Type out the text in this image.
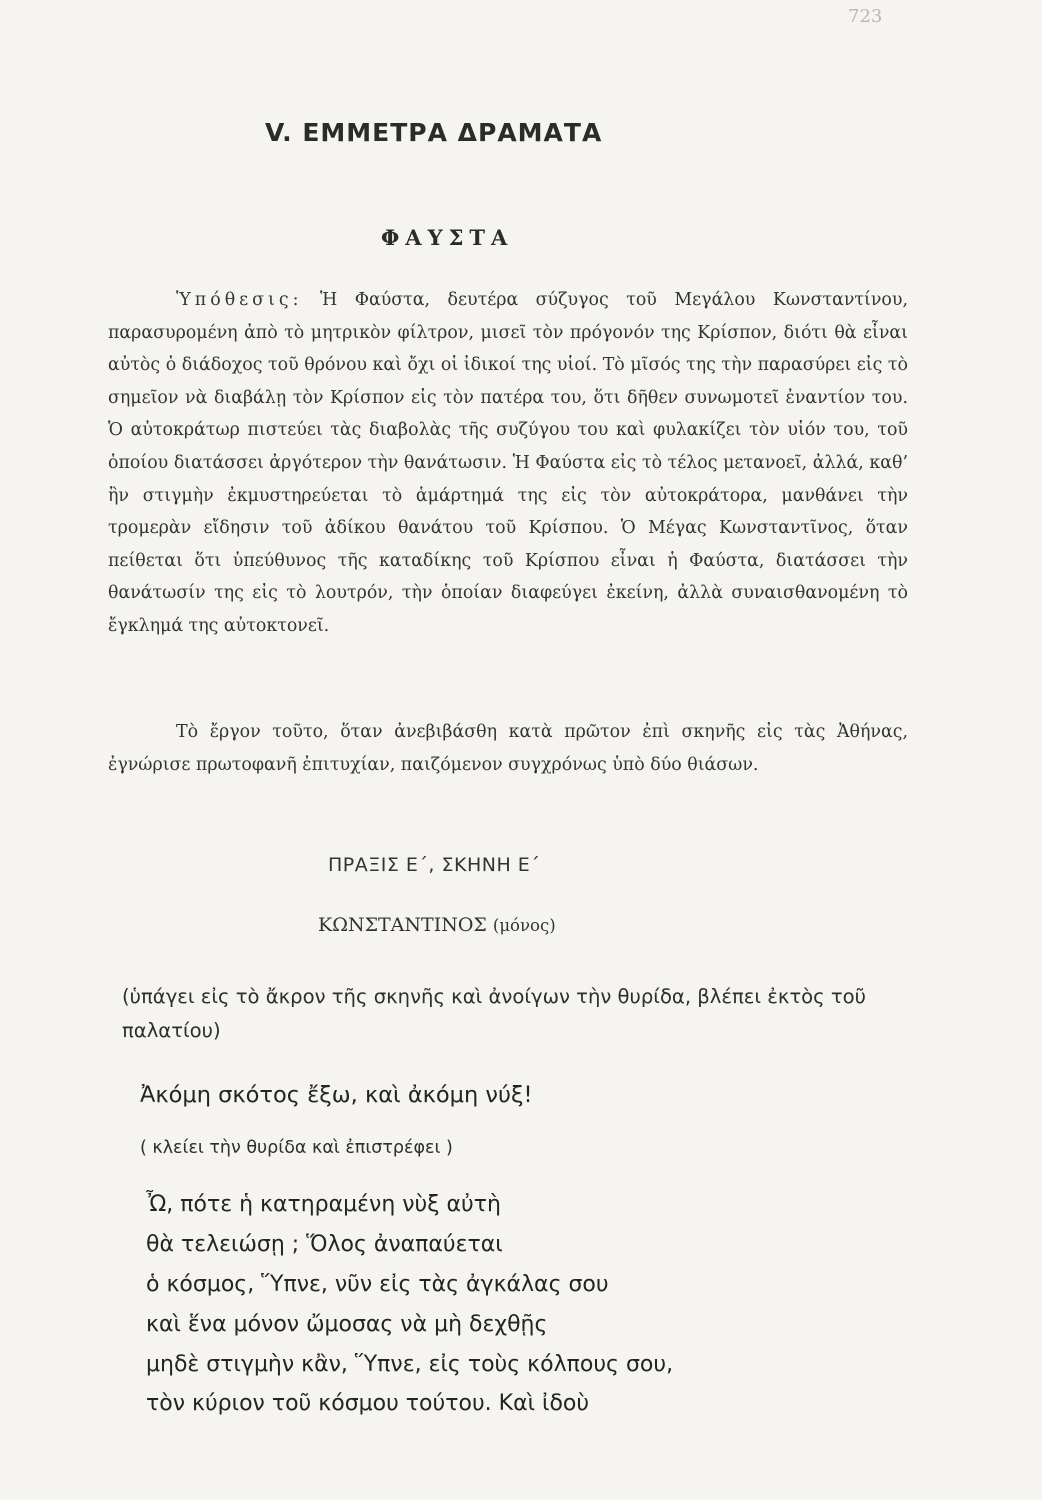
723
V. ΕΜΜΕΤΡΑ ΔΡΑΜΑΤΑ
ΦΑΥΣΤΑ
Ὑπόθεσις: Ἡ Φαύστα, δευτέρα σύζυγος τοῦ Μεγάλου Κωνσταντίνου, παρασυρομένη ἀπὸ τὸ μητρικὸν φίλτρον, μισεῖ τὸν πρόγονόν της Κρίσπον, διότι θὰ εἶναι αὐτὸς ὁ διάδοχος τοῦ θρόνου καὶ ὄχι οἱ ἰδικοί της υἱοί. Τὸ μῖσός της τὴν παρασύρει εἰς τὸ σημεῖον νὰ διαβάλῃ τὸν Κρίσπον εἰς τὸν πατέρα του, ὅτι δῆθεν συνωμοτεῖ ἐναντίον του. Ὁ αὐτοκράτωρ πιστεύει τὰς διαβολὰς τῆς συζύγου του καὶ φυλακίζει τὸν υἱόν του, τοῦ ὁποίου διατάσσει ἀργότερον τὴν θανάτωσιν. Ἡ Φαύστα εἰς τὸ τέλος μετανοεῖ, ἀλλά, καθ’ ἣν στιγμὴν ἐκμυστηρεύεται τὸ ἁμάρτημά της εἰς τὸν αὐτοκράτορα, μανθάνει τὴν τρομερὰν εἴδησιν τοῦ ἀδίκου θανάτου τοῦ Κρίσπου. Ὁ Μέγας Κωνσταντῖνος, ὅταν πείθεται ὅτι ὑπεύθυνος τῆς καταδίκης τοῦ Κρίσπου εἶναι ἡ Φαύστα, διατάσσει τὴν θανάτωσίν της εἰς τὸ λουτρόν, τὴν ὁποίαν διαφεύγει ἐκείνη, ἀλλὰ συναισθανομένη τὸ ἔγκλημά της αὐτοκτονεῖ.
Τὸ ἔργον τοῦτο, ὅταν ἀνεβιβάσθη κατὰ πρῶτον ἐπὶ σκηνῆς εἰς τὰς Ἀθήνας, ἐγνώρισε πρωτοφανῆ ἐπιτυχίαν, παιζόμενον συγχρόνως ὑπὸ δύο θιάσων.
ΠΡΑΞΙΣ Ε΄, ΣΚΗΝΗ Ε΄
ΚΩΝΣΤΑΝΤΙΝΟΣ (μόνος)
(ὑπάγει εἰς τὸ ἄκρον τῆς σκηνῆς καὶ ἀνοίγων τὴν θυρίδα, βλέπει ἐκτὸς τοῦ παλατίου)
Ἀκόμη σκότος ἔξω, καὶ ἀκόμη νύξ!
( κλείει τὴν θυρίδα καὶ ἐπιστρέφει )
Ὦ, πότε ἡ κατηραμένη νὺξ αὐτὴ
θὰ τελειώσῃ ; Ὅλος ἀναπαύεται
ὁ κόσμος, Ὕπνε, νῦν εἰς τὰς ἀγκάλας σου
καὶ ἕνα μόνον ὤμοσας νὰ μὴ δεχθῇς
μηδὲ στιγμὴν κἂν, Ὕπνε, εἰς τοὺς κόλπους σου,
τὸν κύριον τοῦ κόσμου τούτου. Καὶ ἰδοὺ
